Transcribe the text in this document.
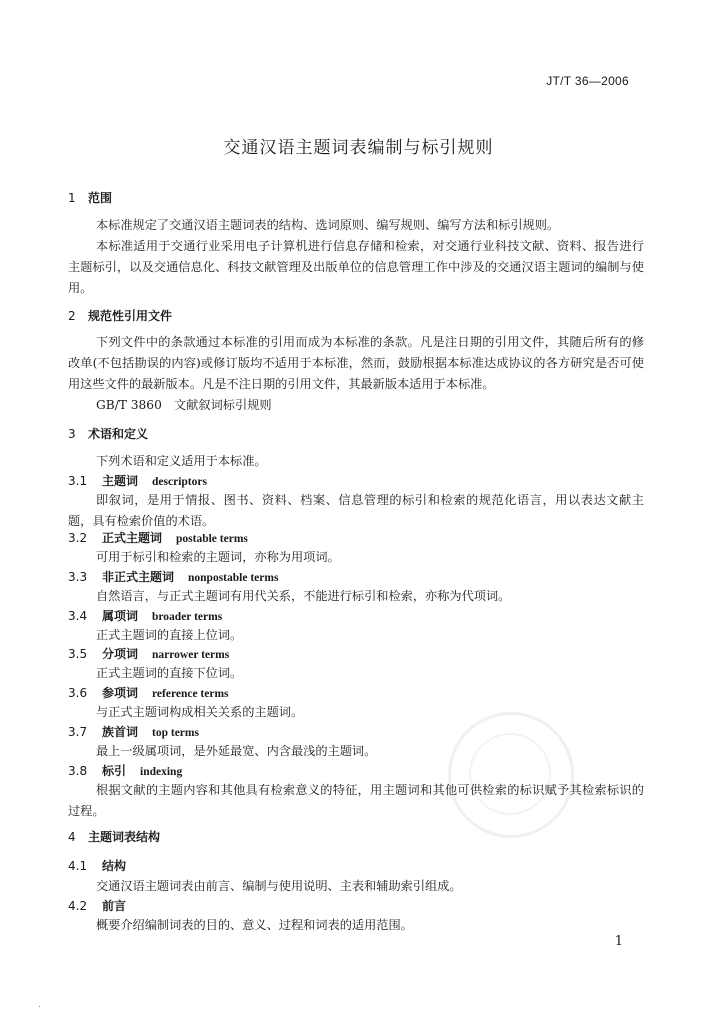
JT/T 36—2006
交通汉语主题词表编制与标引规则
1 范围
本标准规定了交通汉语主题词表的结构、选词原则、编写规则、编写方法和标引规则。
本标准适用于交通行业采用电子计算机进行信息存储和检索，对交通行业科技文献、资料、报告进行主题标引，以及交通信息化、科技文献管理及出版单位的信息管理工作中涉及的交通汉语主题词的编制与使用。
2 规范性引用文件
下列文件中的条款通过本标准的引用而成为本标准的条款。凡是注日期的引用文件，其随后所有的修改单(不包括勘误的内容)或修订版均不适用于本标准，然而，鼓励根据本标准达成协议的各方研究是否可使用这些文件的最新版本。凡是不注日期的引用文件，其最新版本适用于本标准。
GB/T 3860　文献叙词标引规则
3 术语和定义
下列术语和定义适用于本标准。
3.1 主题词 descriptors
即叙词，是用于情报、图书、资料、档案、信息管理的标引和检索的规范化语言，用以表达文献主题，具有检索价值的术语。
3.2 正式主题词 postable terms
可用于标引和检索的主题词，亦称为用项词。
3.3 非正式主题词 nonpostable terms
自然语言，与正式主题词有用代关系，不能进行标引和检索，亦称为代项词。
3.4 属项词 broader terms
正式主题词的直接上位词。
3.5 分项词 narrower terms
正式主题词的直接下位词。
3.6 参项词 reference terms
与正式主题词构成相关关系的主题词。
3.7 族首词 top terms
最上一级属项词，是外延最宽、内含最浅的主题词。
3.8 标引 indexing
根据文献的主题内容和其他具有检索意义的特征，用主题词和其他可供检索的标识赋予其检索标识的过程。
4 主题词表结构
4.1 结构
交通汉语主题词表由前言、编制与使用说明、主表和辅助索引组成。
4.2 前言
概要介绍编制词表的目的、意义、过程和词表的适用范围。
1
.
